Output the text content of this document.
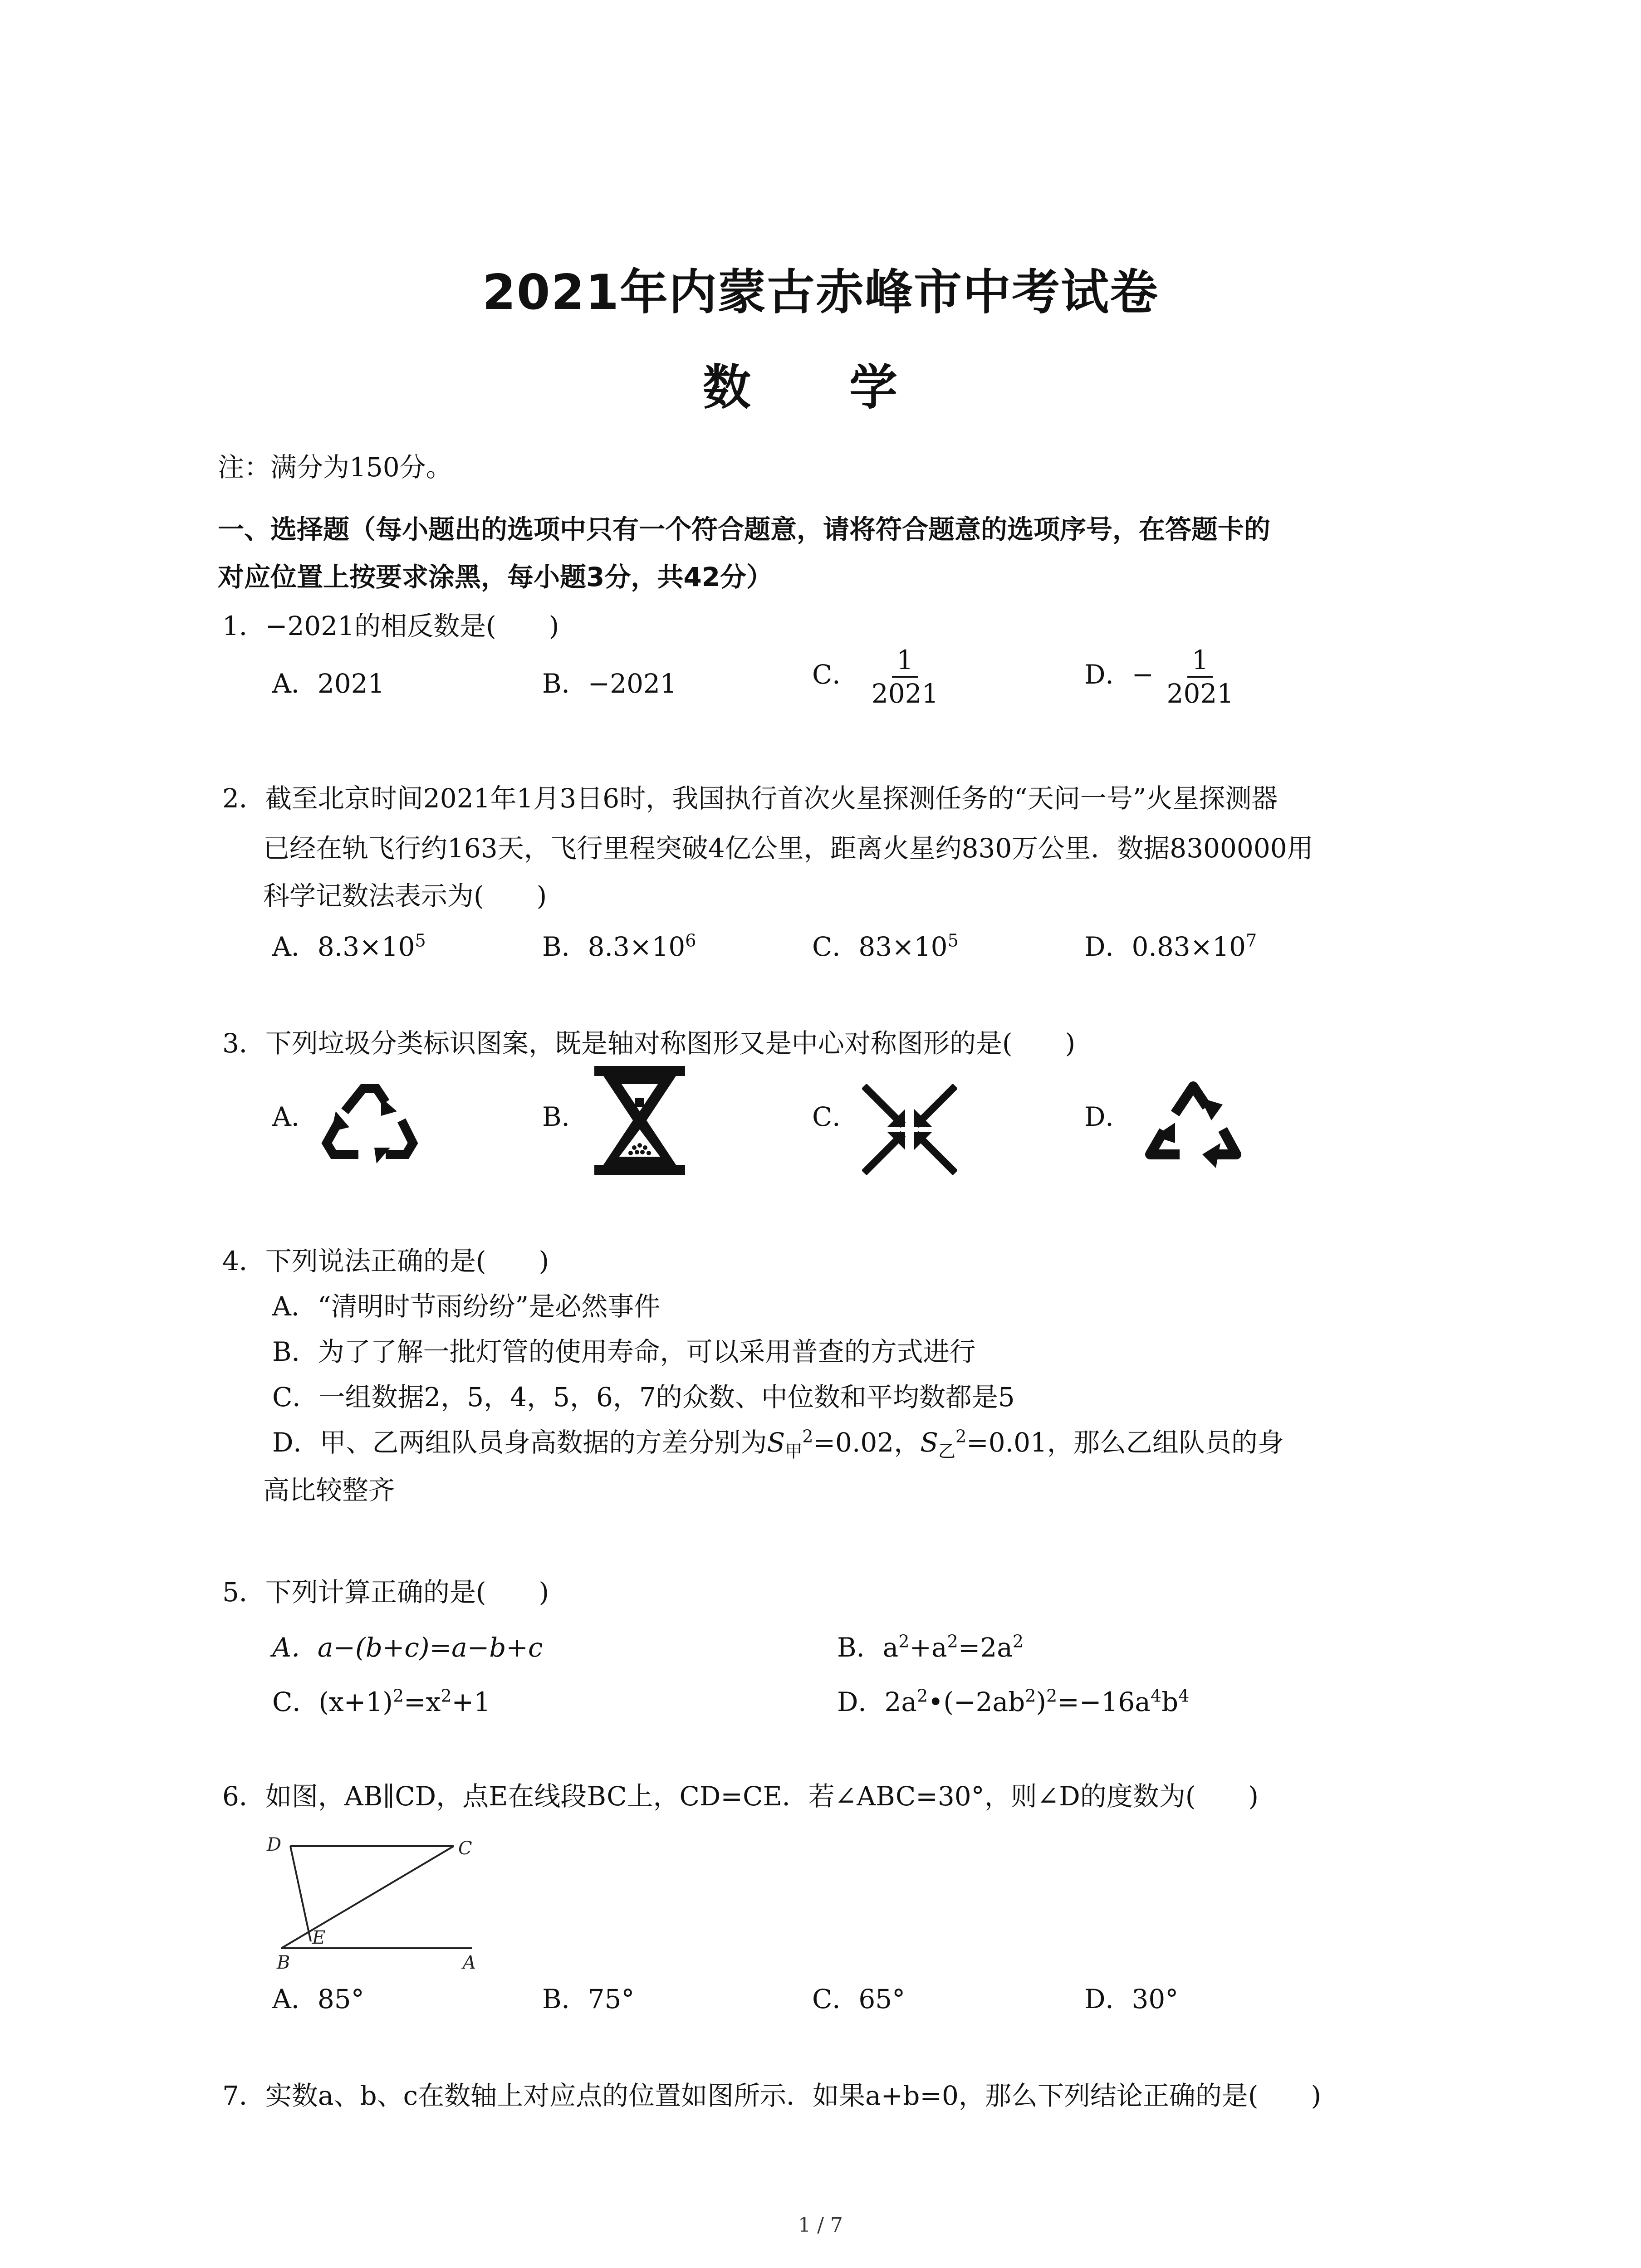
2021年内蒙古赤峰市中考试卷
数 学
注：满分为150分。
一、选择题（每小题出的选项中只有一个符合题意，请将符合题意的选项序号，在答题卡的
对应位置上按要求涂黑，每小题3分，共42分）
1．−2021的相反数是(　　)
A．2021	B．−2021	C． $\frac{1}{2021}$	D．− $\frac{1}{2021}$
2．截至北京时间2021年1月3日6时，我国执行首次火星探测任务的“天问一号”火星探测器
已经在轨飞行约163天，飞行里程突破4亿公里，距离火星约830万公里．数据8300000用
科学记数法表示为(　　)
A．$8.3\times 10^5$	B．$8.3\times 10^6$	C．$83\times 10^5$	D．$0.83\times 10^7$
3．下列垃圾分类标识图案，既是轴对称图形又是中心对称图形的是(　　)
A．	B．	C．	D．
4．下列说法正确的是(　　)
A．“清明时节雨纷纷”是必然事件
B．为了了解一批灯管的使用寿命，可以采用普查的方式进行
C．一组数据2，5，4，5，6，7的众数、中位数和平均数都是5
D．甲、乙两组队员身高数据的方差分别为$S_甲^2=0.02$，$S_乙^2=0.01$，那么乙组队员的身
高比较整齐
5．下列计算正确的是(　　)
A．a−(b+c)=a−b+c	B．$a^2+a^2=2a^2$
C．$(x+1)^2=x^2+1$	D．$2a^2•(-2ab^2)^2=-16a^4b^4$
6．如图，AB∥CD，点E在线段BC上，CD=CE．若∠ABC=30°，则∠D的度数为(　　)
D	C
E
B	A
A．85°	B．75°	C．65°	D．30°
7．实数a、b、c在数轴上对应点的位置如图所示．如果a+b=0，那么下列结论正确的是(　　)
1 / 7
